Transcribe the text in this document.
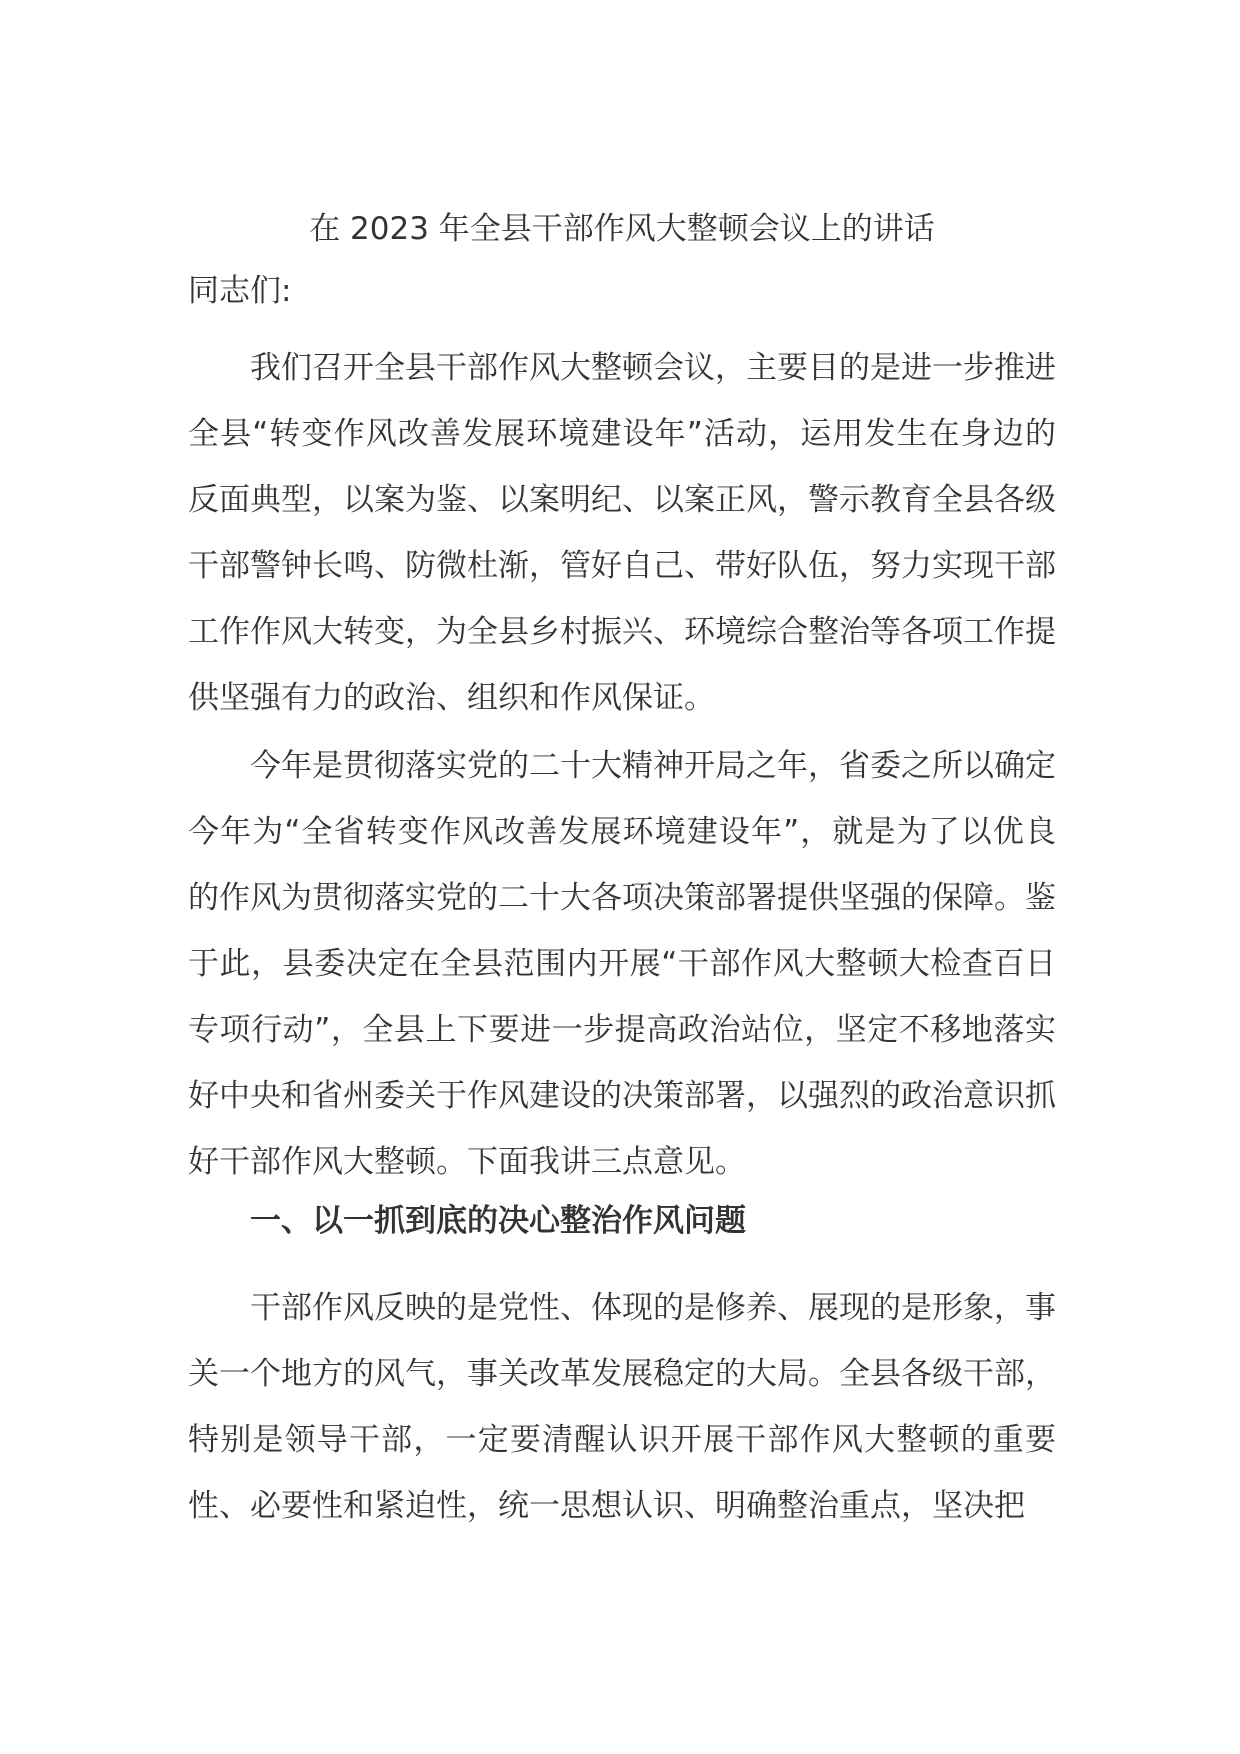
在 2023 年全县干部作风大整顿会议上的讲话

同志们:

我们召开全县干部作风大整顿会议，主要目的是进一步推进全县“转变作风改善发展环境建设年”活动，运用发生在身边的反面典型，以案为鉴、以案明纪、以案正风，警示教育全县各级干部警钟长鸣、防微杜渐，管好自己、带好队伍，努力实现干部工作作风大转变，为全县乡村振兴、环境综合整治等各项工作提供坚强有力的政治、组织和作风保证。

今年是贯彻落实党的二十大精神开局之年，省委之所以确定今年为“全省转变作风改善发展环境建设年”，就是为了以优良的作风为贯彻落实党的二十大各项决策部署提供坚强的保障。鉴于此，县委决定在全县范围内开展“干部作风大整顿大检查百日专项行动”，全县上下要进一步提高政治站位，坚定不移地落实好中央和省州委关于作风建设的决策部署，以强烈的政治意识抓好干部作风大整顿。下面我讲三点意见。

一、以一抓到底的决心整治作风问题

干部作风反映的是党性、体现的是修养、展现的是形象，事关一个地方的风气，事关改革发展稳定的大局。全县各级干部，特别是领导干部，一定要清醒认识开展干部作风大整顿的重要性、必要性和紧迫性，统一思想认识、明确整治重点，坚决把
